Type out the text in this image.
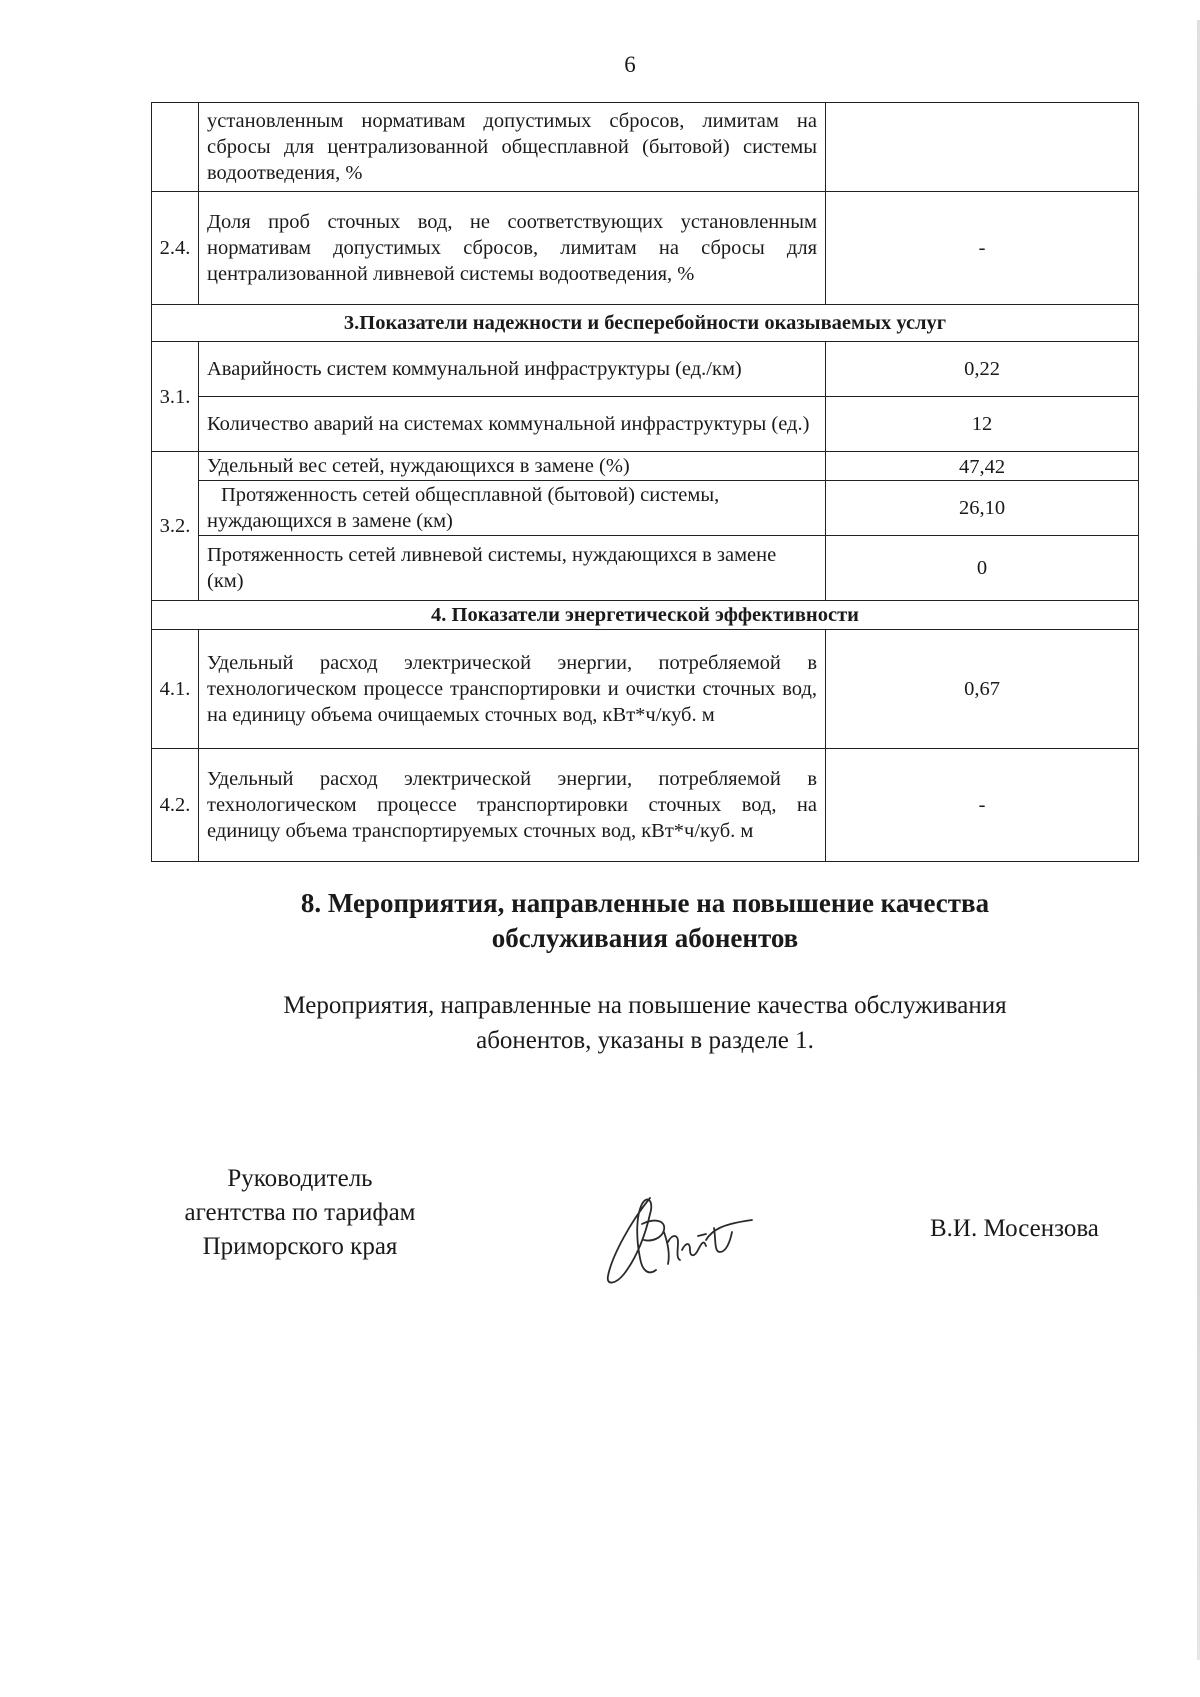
6
	установленным нормативам допустимых сбросов, лимитам на сбросы для централизованной общесплавной (бытовой) системы водоотведения, %	
2.4.	Доля проб сточных вод, не соответствующих установленным нормативам допустимых сбросов, лимитам на сбросы для централизованной ливневой системы водоотведения, %	-
3.Показатели надежности и бесперебойности оказываемых услуг		
3.1.	Аварийность систем коммунальной инфраструктуры (ед./км)	0,22
	Количество аварий на системах коммунальной инфраструктуры (ед.)	12
3.2.	Удельный вес сетей, нуждающихся в замене (%)	47,42
	Протяженность сетей общесплавной (бытовой) системы, нуждающихся в замене (км)	26,10
	Протяженность сетей ливневой системы, нуждающихся в замене (км)	0
4. Показатели энергетической эффективности		
4.1.	Удельный расход электрической энергии, потребляемой в технологическом процессе транспортировки и очистки сточных вод, на единицу объема очищаемых сточных вод, кВт*ч/куб. м	0,67
4.2.	Удельный расход электрической энергии, потребляемой в технологическом процессе транспортировки сточных вод, на единицу объема транспортируемых сточных вод, кВт*ч/куб. м	-
8. Мероприятия, направленные на повышение качества
обслуживания абонентов
Мероприятия, направленные на повышение качества обслуживания
абонентов, указаны в разделе 1.
Руководитель
агентства по тарифам
Приморского края
В.И. Мосензова
